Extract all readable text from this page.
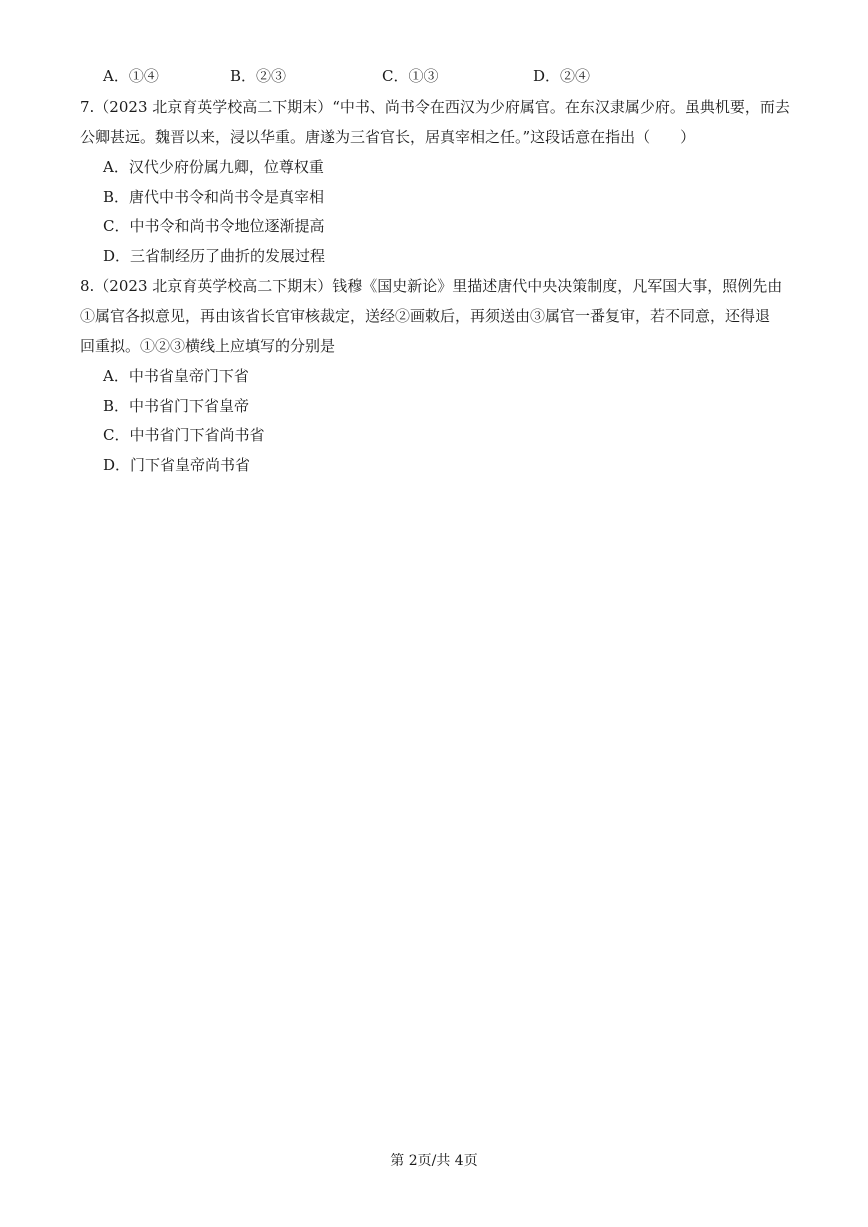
A．①④	B．②③	C．①③	D．②④
7.（2023 北京育英学校高二下期末）“中书、尚书令在西汉为少府属官。在东汉隶属少府。虽典机要，而去
公卿甚远。魏晋以来，浸以华重。唐遂为三省官长，居真宰相之任。”这段话意在指出（　　）
A．汉代少府份属九卿，位尊权重
B．唐代中书令和尚书令是真宰相
C．中书令和尚书令地位逐渐提高
D．三省制经历了曲折的发展过程
8.（2023 北京育英学校高二下期末）钱穆《国史新论》里描述唐代中央决策制度，凡军国大事，照例先由
①属官各拟意见，再由该省长官审核裁定，送经②画敕后，再须送由③属官一番复审，若不同意，还得退
回重拟。①②③横线上应填写的分别是
A．中书省皇帝门下省
B．中书省门下省皇帝
C．中书省门下省尚书省
D．门下省皇帝尚书省
第 2页/共 4页
